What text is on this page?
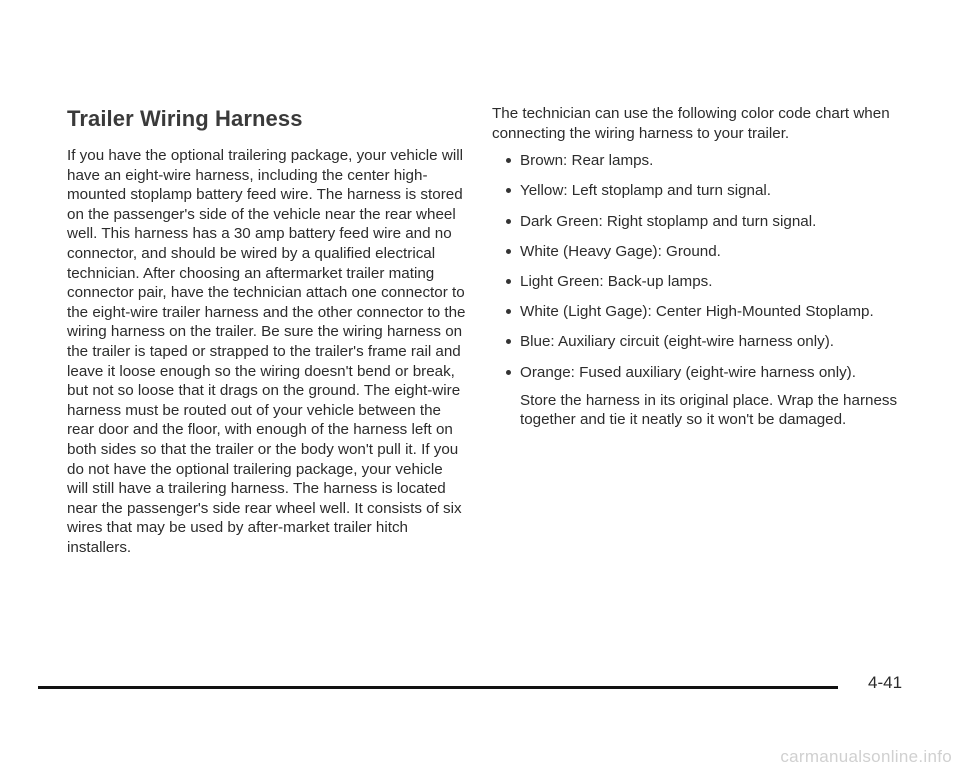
Trailer Wiring Harness

If you have the optional trailering package, your vehicle will have an eight-wire harness, including the center high-mounted stoplamp battery feed wire. The harness is stored on the passenger's side of the vehicle near the rear wheel well. This harness has a 30 amp battery feed wire and no connector, and should be wired by a qualified electrical technician. After choosing an aftermarket trailer mating connector pair, have the technician attach one connector to the eight-wire trailer harness and the other connector to the wiring harness on the trailer. Be sure the wiring harness on the trailer is taped or strapped to the trailer's frame rail and leave it loose enough so the wiring doesn't bend or break, but not so loose that it drags on the ground. The eight-wire harness must be routed out of your vehicle between the rear door and the floor, with enough of the harness left on both sides so that the trailer or the body won't pull it. If you do not have the optional trailering package, your vehicle will still have a trailering harness. The harness is located near the passenger's side rear wheel well. It consists of six wires that may be used by after-market trailer hitch installers.

The technician can use the following color code chart when connecting the wiring harness to your trailer.

Brown: Rear lamps.
Yellow: Left stoplamp and turn signal.
Dark Green: Right stoplamp and turn signal.
White (Heavy Gage): Ground.
Light Green: Back-up lamps.
White (Light Gage): Center High-Mounted Stoplamp.
Blue: Auxiliary circuit (eight-wire harness only).
Orange: Fused auxiliary (eight-wire harness only).

Store the harness in its original place. Wrap the harness together and tie it neatly so it won't be damaged.

4-41
carmanualsonline.info
